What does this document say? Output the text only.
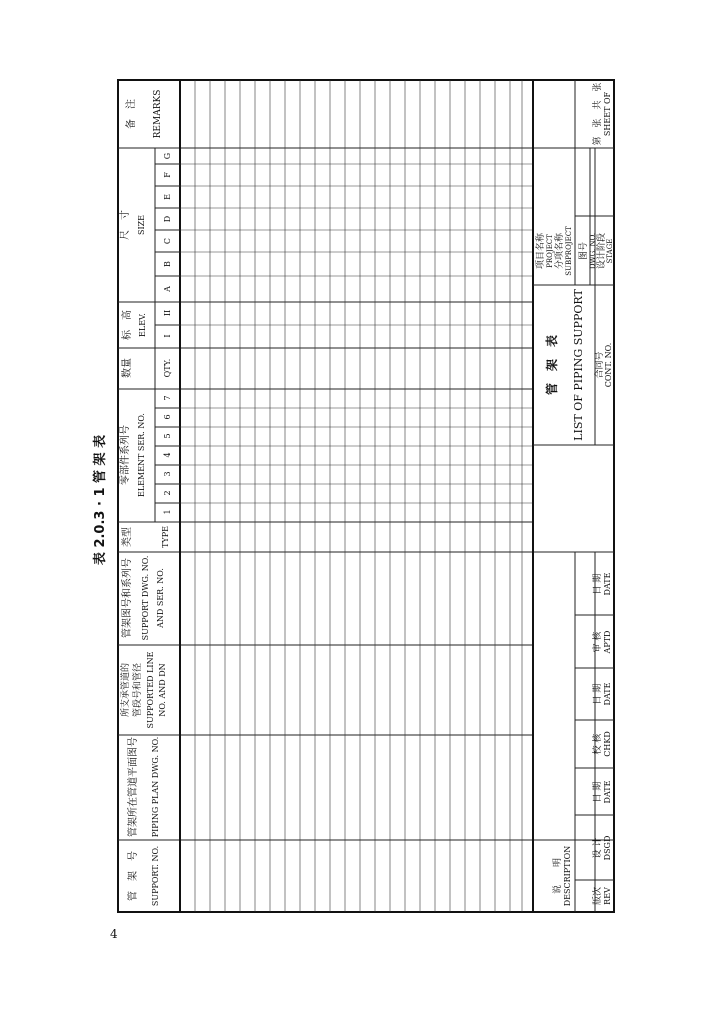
4
表 2.0.3 · 1 管 架 表
备　注 REMARKS
尺　寸 SIZE
G
F
E
D
C
B
A
标　高 ELEV.
II
I
数量	QTY.
零部件系列号 ELEMENT SER. NO.
7
6
5
4
3
2
1
类型	TYPE
管架图号和系列号 SUPPORT DWG. NO. AND SER. NO.
所支承管道的 管段号和管径 SUPPORTED LINE NO. AND DN
管架所在管道平面图号 PIPING PLAN DWG. NO.
管　架　号 SUPPORT. NO.
项目名称 PROJECT 分项名称 SUBPROJECT 图号 DWG. NO. 设计阶段 STAGE
管　架　表 LIST OF PIPING SUPPORT 合同号 CONT. NO.
第　张　共　张 SHEET OF
日 期 DATE
审 核 APTD
日 期 DATE
校 核 CHKD
日 期 DATE
设 计 DSGD
说　　明 DESCRIPTION 版次 REV
